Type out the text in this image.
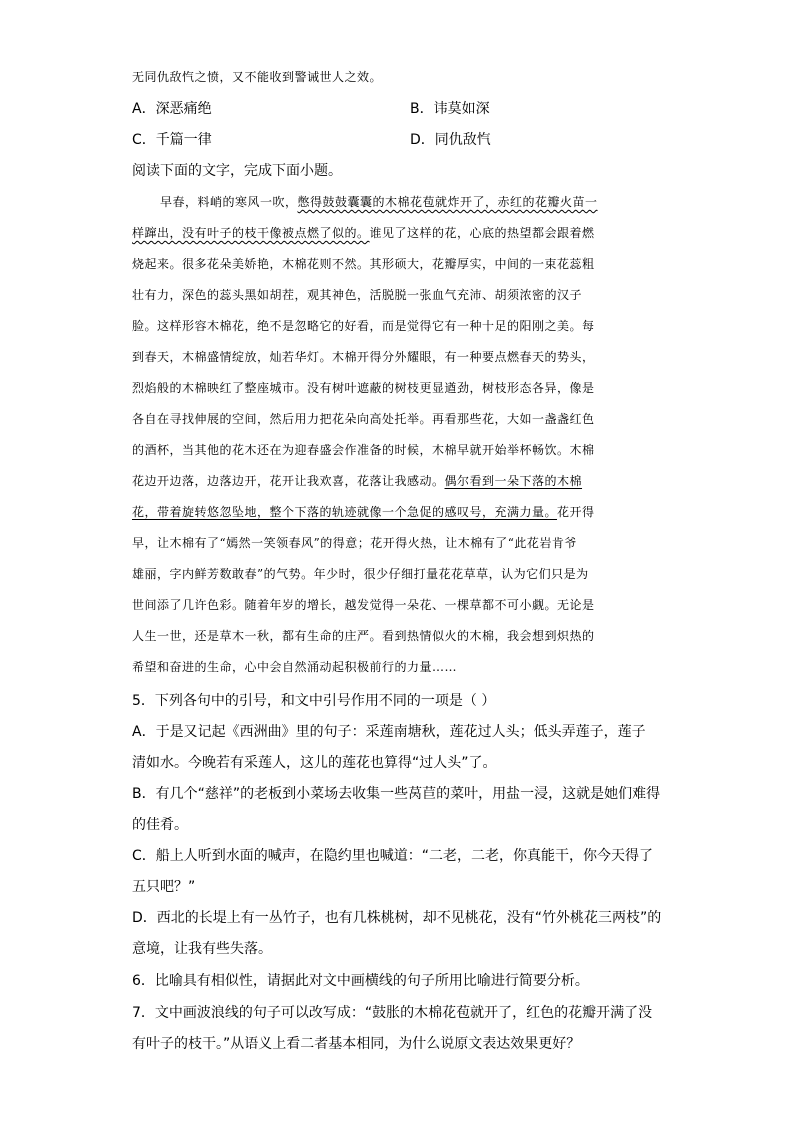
无同仇敌忾之愤，又不能收到警诫世人之效。
A．深恶痛绝	B．讳莫如深
C．千篇一律	D．同仇敌忾
阅读下面的文字，完成下面小题。
早春，料峭的寒风一吹，憋得鼓鼓囊囊的木棉花苞就炸开了，赤红的花瓣火苗一
样蹿出，没有叶子的枝干像被点燃了似的。谁见了这样的花，心底的热望都会跟着燃
烧起来。很多花朵美娇艳，木棉花则不然。其形硕大，花瓣厚实，中间的一束花蕊粗
壮有力，深色的蕊头黑如胡茬，观其神色，活脱脱一张血气充沛、胡须浓密的汉子
脸。这样形容木棉花，绝不是忽略它的好看，而是觉得它有一种十足的阳刚之美。每
到春天，木棉盛情绽放，灿若华灯。木棉开得分外耀眼，有一种要点燃春天的势头，
烈焰般的木棉映红了整座城市。没有树叶遮蔽的树枝更显遒劲，树枝形态各异，像是
各自在寻找伸展的空间，然后用力把花朵向高处托举。再看那些花，大如一盏盏红色
的酒杯，当其他的花木还在为迎春盛会作准备的时候，木棉早就开始举杯畅饮。木棉
花边开边落，边落边开，花开让我欢喜，花落让我感动。偶尔看到一朵下落的木棉
花，带着旋转悠忽坠地，整个下落的轨迹就像一个急促的感叹号，充满力量。花开得
早，让木棉有了“嫣然一笑领春风”的得意；花开得火热，让木棉有了“此花岩肯爷
雄丽，字内鲜芳数敢春”的气势。年少时，很少仔细打量花花草草，认为它们只是为
世间添了几许色彩。随着年岁的增长，越发觉得一朵花、一棵草都不可小觑。无论是
人生一世，还是草木一秋，都有生命的庄严。看到热情似火的木棉，我会想到炽热的
希望和奋进的生命，心中会自然涌动起积极前行的力量……
5．下列各句中的引号，和文中引号作用不同的一项是（ ）
A．于是又记起《西洲曲》里的句子：采莲南塘秋，莲花过人头；低头弄莲子，莲子
清如水。今晚若有采莲人，这儿的莲花也算得“过人头”了。
B．有几个“慈祥”的老板到小菜场去收集一些莴苣的菜叶，用盐一浸，这就是她们难得
的佳肴。
C．船上人听到水面的喊声，在隐约里也喊道：“二老，二老，你真能干，你今天得了
五只吧？”
D．西北的长堤上有一丛竹子，也有几株桃树，却不见桃花，没有“竹外桃花三两枝”的
意境，让我有些失落。
6．比喻具有相似性，请据此对文中画横线的句子所用比喻进行简要分析。
7．文中画波浪线的句子可以改写成：“鼓胀的木棉花苞就开了，红色的花瓣开满了没
有叶子的枝干。”从语义上看二者基本相同，为什么说原文表达效果更好？
